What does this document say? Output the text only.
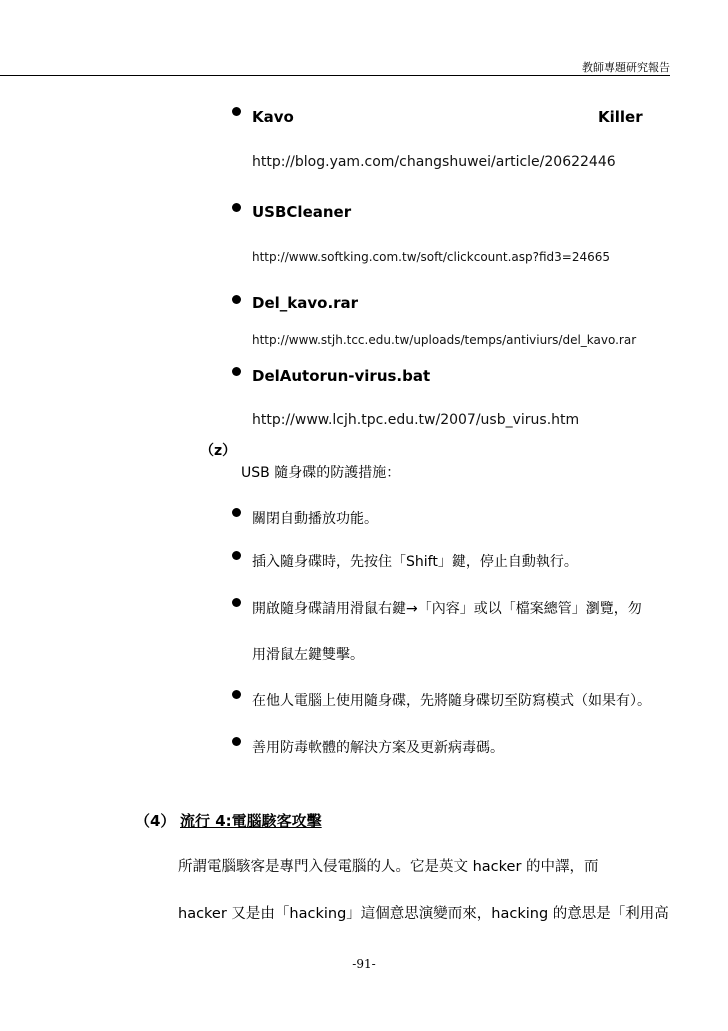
教師專題研究報告
Kavo	Killer
http://blog.yam.com/changshuwei/article/20622446
USBCleaner
http://www.softking.com.tw/soft/clickcount.asp?fid3=24665
Del_kavo.rar
http://www.stjh.tcc.edu.tw/uploads/temps/antiviurs/del_kavo.rar
DelAutorun-virus.bat
http://www.lcjh.tpc.edu.tw/2007/usb_virus.htm
（z）
USB 隨身碟的防護措施：
關閉自動播放功能。
插入隨身碟時，先按住「Shift」鍵，停止自動執行。
開啟隨身碟請用滑鼠右鍵→「內容」或以「檔案總管」瀏覽，勿
用滑鼠左鍵雙擊。
在他人電腦上使用隨身碟，先將隨身碟切至防寫模式（如果有）。
善用防毒軟體的解決方案及更新病毒碼。
（4） 流行 4:電腦駭客攻擊
所謂電腦駭客是專門入侵電腦的人。它是英文 hacker 的中譯，而
hacker 又是由「hacking」這個意思演變而來，hacking 的意思是「利用高
-91-
